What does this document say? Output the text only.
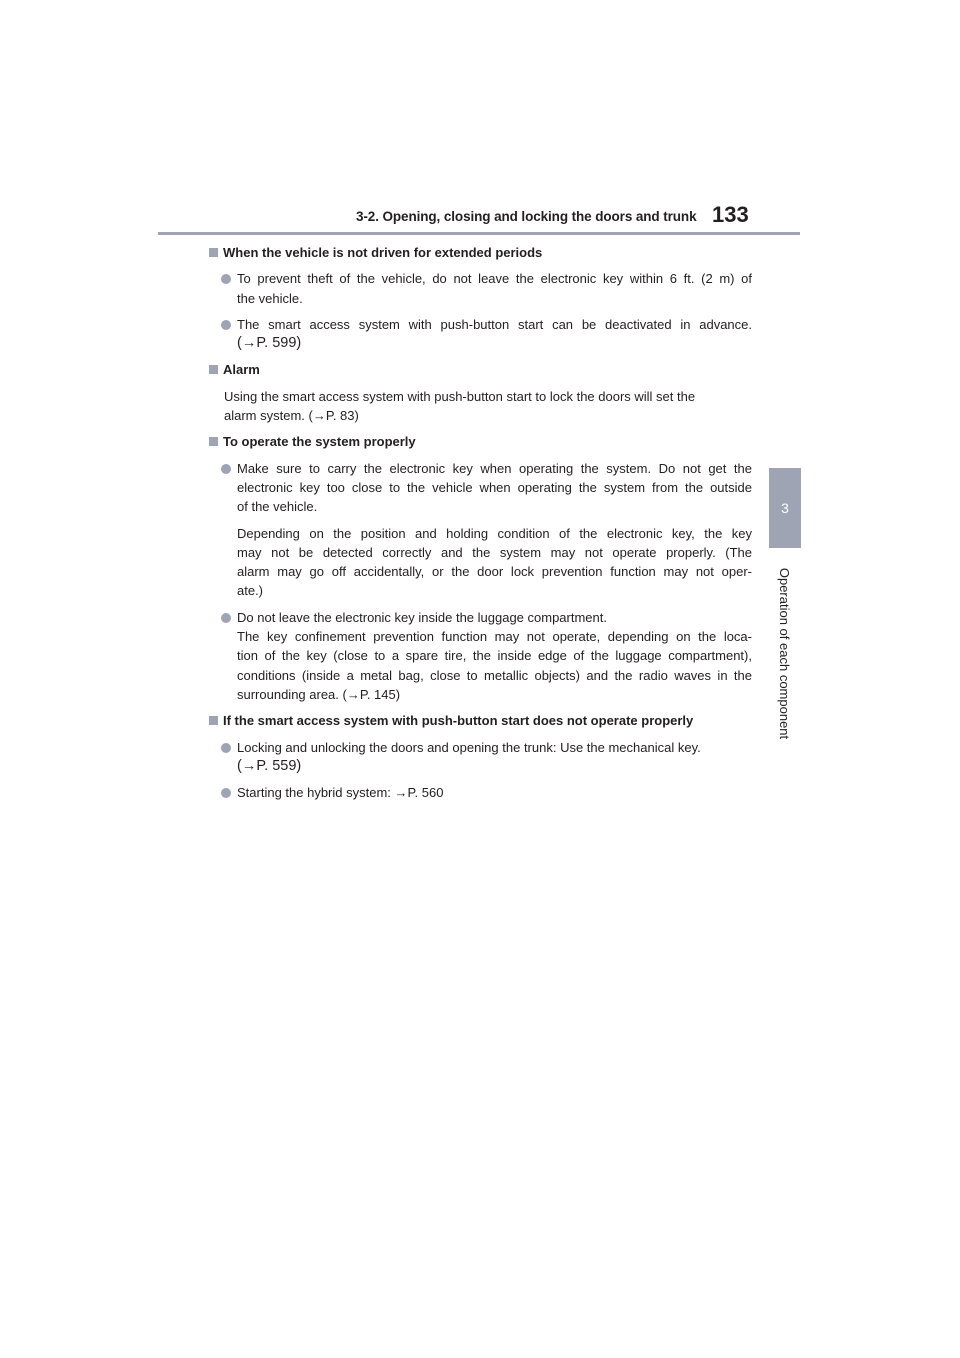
3-2. Opening, closing and locking the doors and trunk 133
3
Operation of each component
When the vehicle is not driven for extended periods
To prevent theft of the vehicle, do not leave the electronic key within 6 ft. (2 m) of
the vehicle.
The smart access system with push-button start can be deactivated in advance.
(→P. 599)
Alarm
Using the smart access system with push-button start to lock the doors will set the
alarm system. (→P. 83)
To operate the system properly
Make sure to carry the electronic key when operating the system. Do not get the
electronic key too close to the vehicle when operating the system from the outside
of the vehicle.
Depending on the position and holding condition of the electronic key, the key
may not be detected correctly and the system may not operate properly. (The
alarm may go off accidentally, or the door lock prevention function may not oper-
ate.)
Do not leave the electronic key inside the luggage compartment.
The key confinement prevention function may not operate, depending on the loca-
tion of the key (close to a spare tire, the inside edge of the luggage compartment),
conditions (inside a metal bag, close to metallic objects) and the radio waves in the
surrounding area. (→P. 145)
If the smart access system with push-button start does not operate properly
Locking and unlocking the doors and opening the trunk: Use the mechanical key.
(→P. 559)
Starting the hybrid system: →P. 560
